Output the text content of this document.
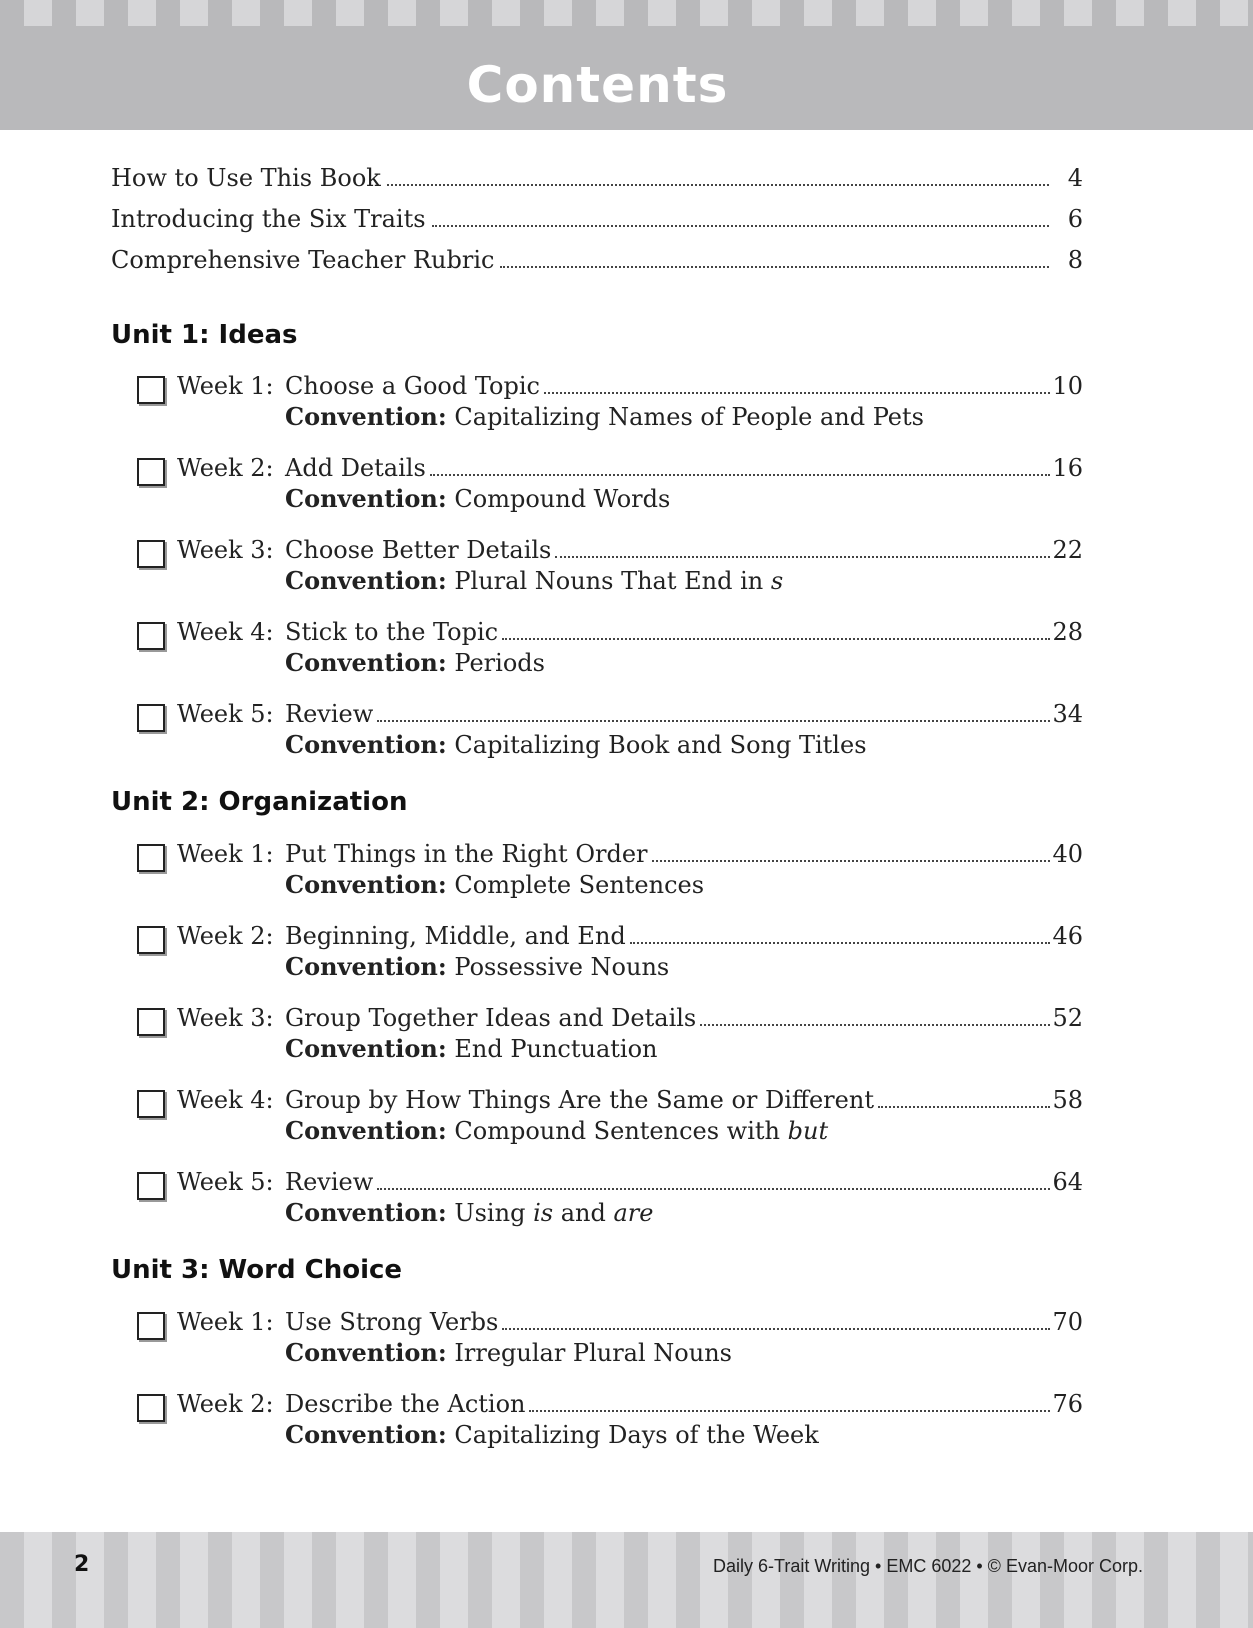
Contents
How to Use This Book	4
Introducing the Six Traits	6
Comprehensive Teacher Rubric	8
Unit 1: Ideas
Week 1: Choose a Good Topic	10
Convention: Capitalizing Names of People and Pets
Week 2: Add Details	16
Convention: Compound Words
Week 3: Choose Better Details	22
Convention: Plural Nouns That End in s
Week 4: Stick to the Topic	28
Convention: Periods
Week 5: Review	34
Convention: Capitalizing Book and Song Titles
Unit 2: Organization
Week 1: Put Things in the Right Order	40
Convention: Complete Sentences
Week 2: Beginning, Middle, and End	46
Convention: Possessive Nouns
Week 3: Group Together Ideas and Details	52
Convention: End Punctuation
Week 4: Group by How Things Are the Same or Different	58
Convention: Compound Sentences with but
Week 5: Review	64
Convention: Using is and are
Unit 3: Word Choice
Week 1: Use Strong Verbs	70
Convention: Irregular Plural Nouns
Week 2: Describe the Action	76
Convention: Capitalizing Days of the Week
2	Daily 6-Trait Writing • EMC 6022 • © Evan-Moor Corp.
